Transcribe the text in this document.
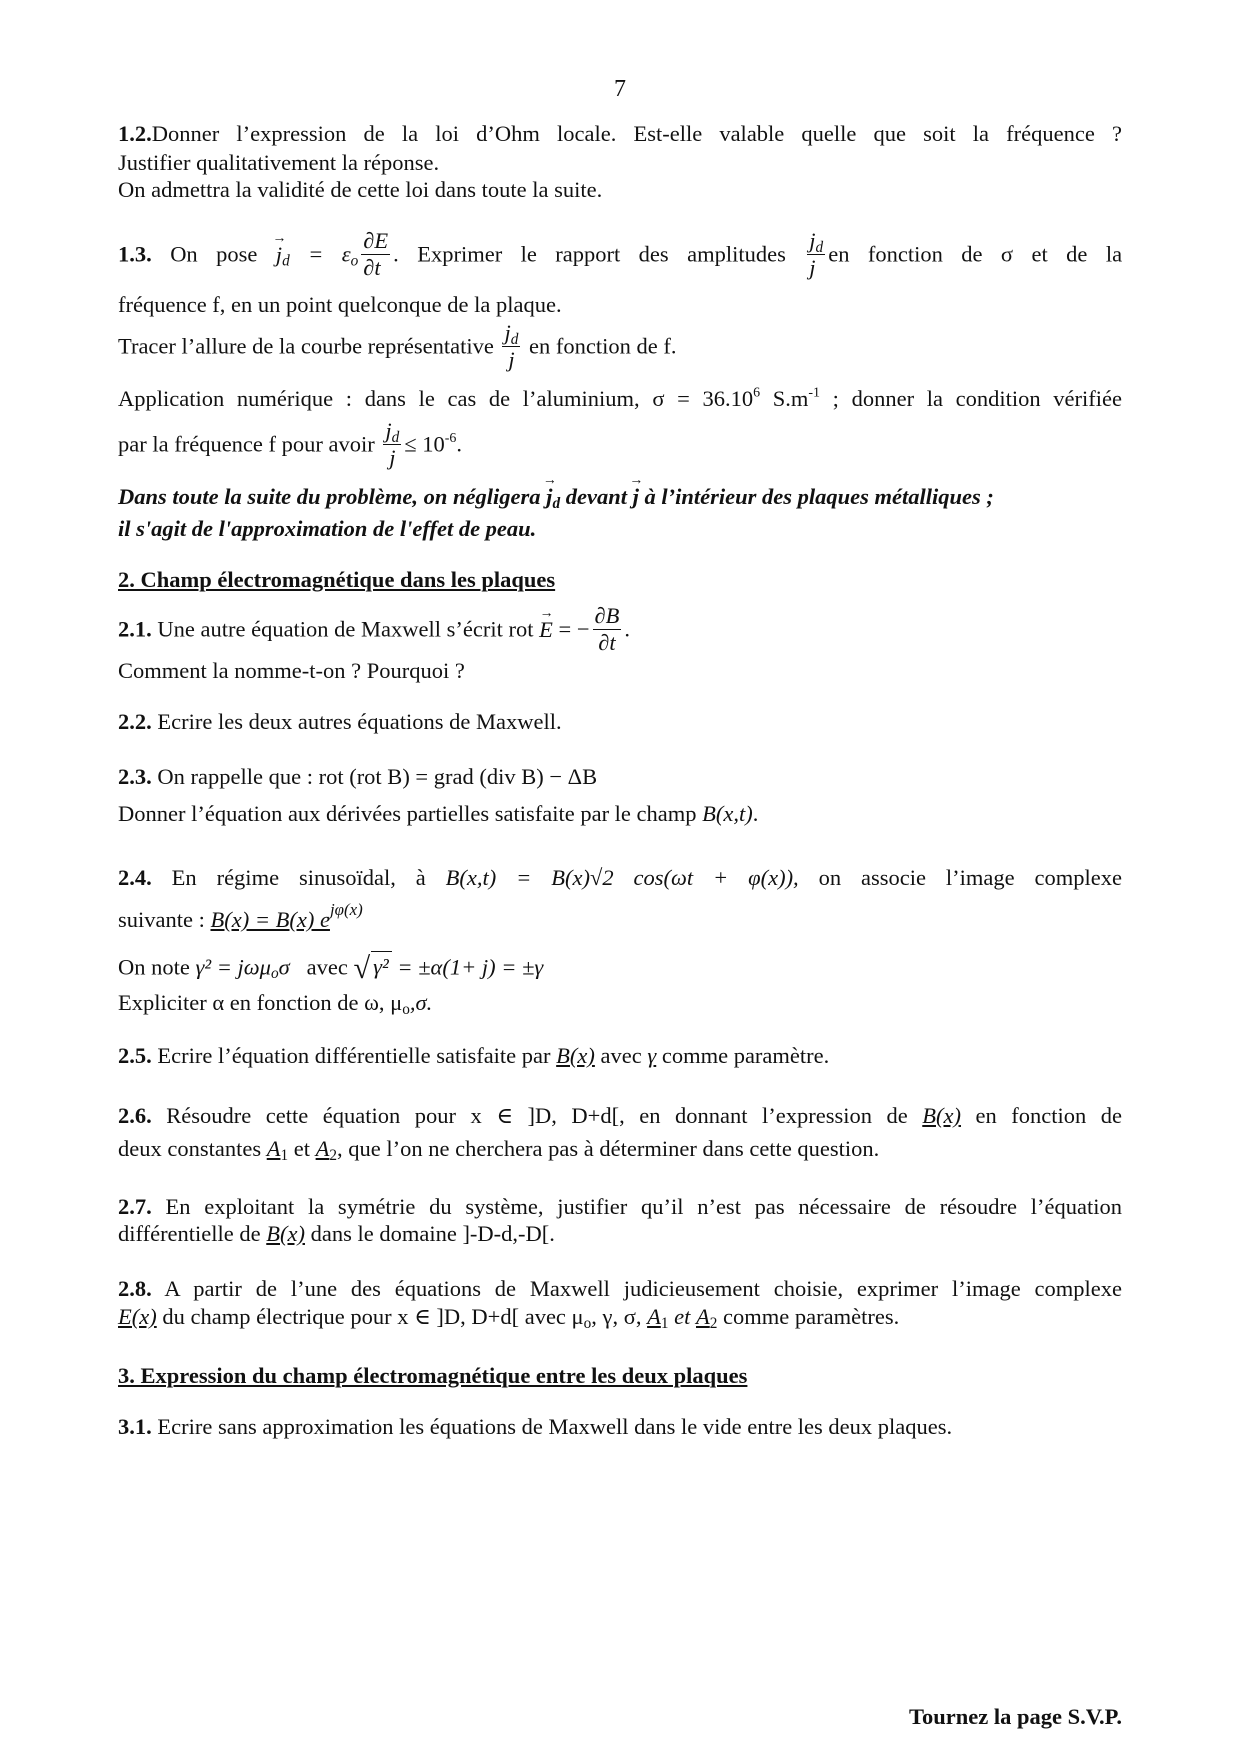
7
1.2.Donner l’expression de la loi d’Ohm locale. Est-elle valable quelle que soit la fréquence ?
Justifier qualitativement la réponse.
On admettra la validité de cette loi dans toute la suite.
1.3. On pose → $j_d = \varepsilon_o \frac{\partial E}{\partial t}$ . Exprimer le rapport des amplitudes $\frac{j_d}{j}$ en fonction de σ et de la
fréquence f, en un point quelconque de la plaque.
Tracer l’allure de la courbe représentative $\frac{j_d}{j}$ en fonction de f.
Application numérique : dans le cas de l’aluminium, $\sigma = 36.10^6$ $S.m^{-1}$ ; donner la condition vérifiée
par la fréquence f pour avoir $\frac{j_d}{j} \le 10^{-6}$.
Dans toute la suite du problème, on négligera → $j_d$ devant → j à l’intérieur des plaques métalliques ;
il s'agit de l'approximation de l'effet de peau.
2. Champ électromagnétique dans les plaques
2.1. Une autre équation de Maxwell s’écrit rot → E = − $\frac{\partial B}{\partial t}$ .
Comment la nomme-t-on ? Pourquoi ?
2.2. Ecrire les deux autres équations de Maxwell.
2.3. On rappelle que : rot (rot B) = grad (div B) − ΔB
Donner l’équation aux dérivées partielles satisfaite par le champ B(x,t).
2.4. En régime sinusoïdal, à B(x,t) = B(x)√2 cos(ωt + φ(x)), on associe l’image complexe
suivante : B(x) = B(x) $e^{j\varphi(x)}$
On note γ² = jωμ$_o$σ avec √ γ² = ±α(1+ j) = ±γ
Expliciter α en fonction de ω, $\mu_o,\sigma$.
2.5. Ecrire l’équation différentielle satisfaite par B(x) avec γ comme paramètre.
2.6. Résoudre cette équation pour x ∈ ]D, D+d[, en donnant l’expression de B(x) en fonction de
deux constantes $A_1$ et $A_2$, que l’on ne cherchera pas à déterminer dans cette question.
2.7. En exploitant la symétrie du système, justifier qu’il n’est pas nécessaire de résoudre l’équation
différentielle de B(x) dans le domaine ]-D-d,-D[.
2.8. A partir de l’une des équations de Maxwell judicieusement choisie, exprimer l’image complexe
E(x) du champ électrique pour x ∈ ]D, D+d[ avec $\mu_o$, γ, σ, $A_1$ et $A_2$ comme paramètres.
3. Expression du champ électromagnétique entre les deux plaques
3.1. Ecrire sans approximation les équations de Maxwell dans le vide entre les deux plaques.
Tournez la page S.V.P.
